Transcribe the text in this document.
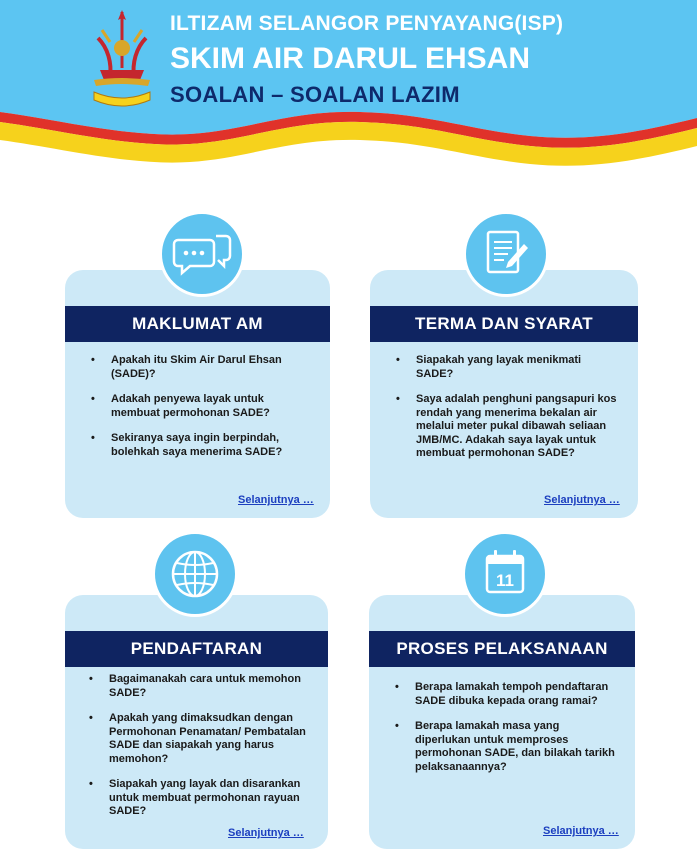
ILTIZAM SELANGOR PENYAYANG(ISP)
SKIM AIR DARUL EHSAN
SOALAN – SOALAN LAZIM
MAKLUMAT AM
• Apakah itu Skim Air Darul Ehsan (SADE)?
• Adakah penyewa layak untuk membuat permohonan SADE?
• Sekiranya saya ingin berpindah, bolehkah saya menerima SADE?
Selanjutnya …
TERMA DAN SYARAT
• Siapakah yang layak menikmati SADE?
• Saya adalah penghuni pangsapuri kos rendah yang menerima bekalan air melalui meter pukal dibawah seliaan JMB/MC. Adakah saya layak untuk membuat permohonan SADE?
Selanjutnya …
PENDAFTARAN
• Bagaimanakah cara untuk memohon SADE?
• Apakah yang dimaksudkan dengan Permohonan Penamatan/ Pembatalan SADE dan siapakah yang harus memohon?
• Siapakah yang layak dan disarankan untuk membuat permohonan rayuan SADE?
Selanjutnya …
PROSES PELAKSANAAN
• Berapa lamakah tempoh pendaftaran SADE dibuka kepada orang ramai?
• Berapa lamakah masa yang diperlukan untuk memproses permohonan SADE, dan bilakah tarikh pelaksanaannya?
Selanjutnya …
11
